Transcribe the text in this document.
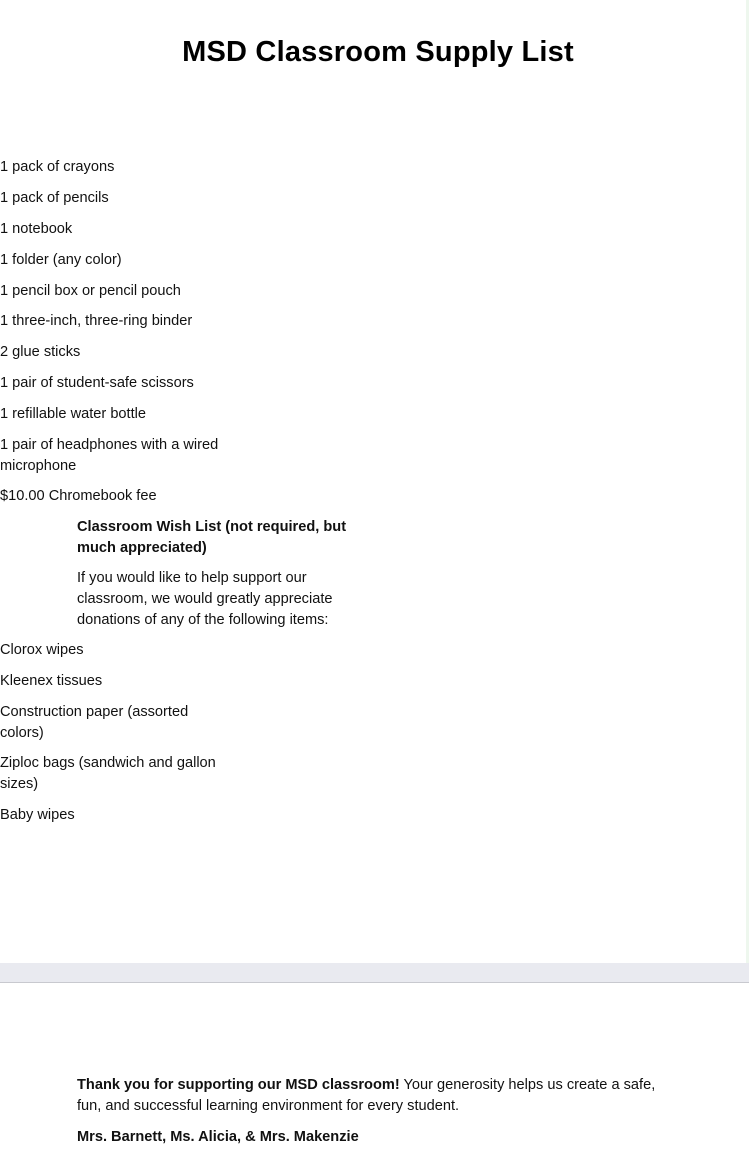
MSD Classroom Supply List
1 pack of crayons
1 pack of pencils
1 notebook
1 folder (any color)
1 pencil box or pencil pouch
1 three-inch, three-ring binder
2 glue sticks
1 pair of student-safe scissors
1 refillable water bottle
1 pair of headphones with a wired microphone
$10.00 Chromebook fee
Classroom Wish List (not required, but much appreciated)
If you would like to help support our classroom, we would greatly appreciate donations of any of the following items:
Clorox wipes
Kleenex tissues
Construction paper (assorted colors)
Ziploc bags (sandwich and gallon sizes)
Baby wipes
Thank you for supporting our MSD classroom! Your generosity helps us create a safe, fun, and successful learning environment for every student.
Mrs. Barnett, Ms. Alicia, & Mrs. Makenzie
